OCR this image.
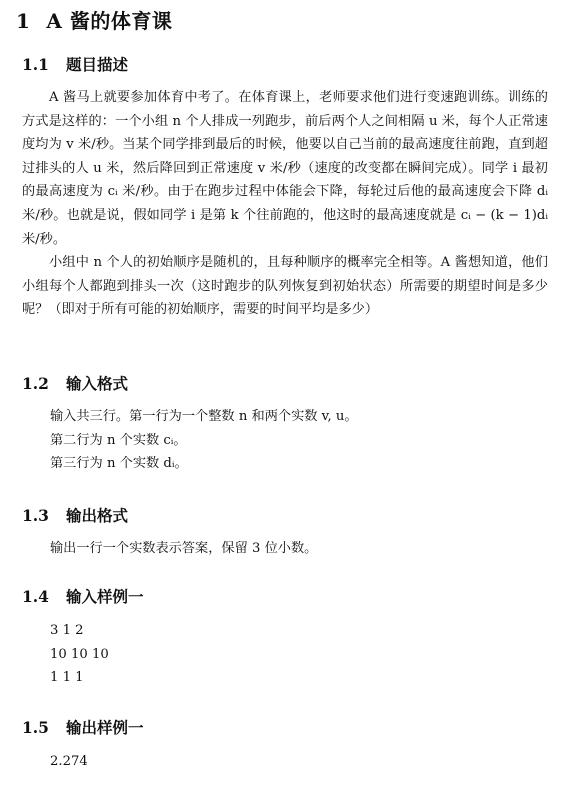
1 A 酱的体育课
1.1 题目描述
A 酱马上就要参加体育中考了。在体育课上，老师要求他们进行变速跑训练。训练的方式是这样的：一个小组 n 个人排成一列跑步，前后两个人之间相隔 u 米，每个人正常速度均为 v 米/秒。当某个同学排到最后的时候，他要以自己当前的最高速度往前跑，直到超过排头的人 u 米，然后降回到正常速度 v 米/秒（速度的改变都在瞬间完成）。同学 i 最初的最高速度为 cᵢ 米/秒。由于在跑步过程中体能会下降，每轮过后他的最高速度会下降 dᵢ 米/秒。也就是说，假如同学 i 是第 k 个往前跑的，他这时的最高速度就是 cᵢ − (k − 1)dᵢ 米/秒。
小组中 n 个人的初始顺序是随机的，且每种顺序的概率完全相等。A 酱想知道，他们小组每个人都跑到排头一次（这时跑步的队列恢复到初始状态）所需要的期望时间是多少呢？（即对于所有可能的初始顺序，需要的时间平均是多少）
1.2 输入格式
输入共三行。第一行为一个整数 n 和两个实数 v, u。
第二行为 n 个实数 cᵢ。
第三行为 n 个实数 dᵢ。
1.3 输出格式
输出一行一个实数表示答案，保留 3 位小数。
1.4 输入样例一
3 1 2
10 10 10
1 1 1
1.5 输出样例一
2.274
